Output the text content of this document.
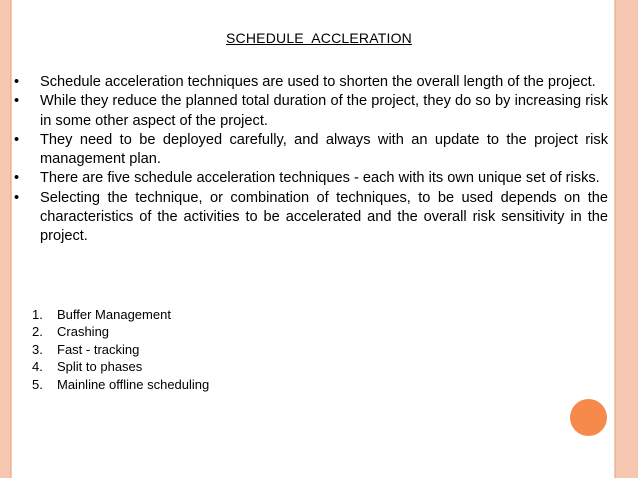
SCHEDULE  ACCLERATION
• Schedule acceleration techniques are used to shorten the overall length of the project.
• While they reduce the planned total duration of the project, they do so by increasing risk in some other aspect of the project.
• They need to be deployed carefully, and always with an update to the project risk management plan.
• There are five schedule acceleration techniques - each with its own unique set of risks.
• Selecting the technique, or combination of techniques, to be used depends on the characteristics of the activities to be accelerated and the overall risk sensitivity in the project.
1. Buffer Management
2. Crashing
3. Fast - tracking
4. Split to phases
5. Mainline offline scheduling
